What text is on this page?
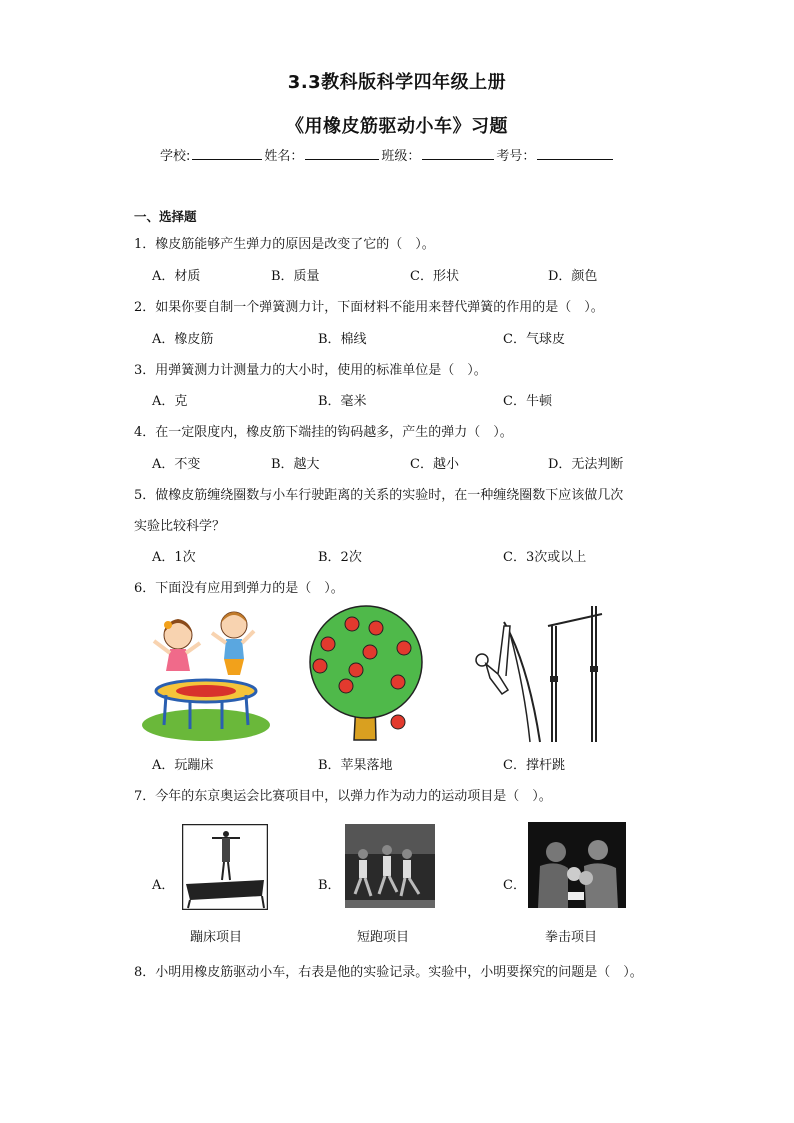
3.3教科版科学四年级上册
《用橡皮筋驱动小车》习题
学校:	姓名：	班级：	考号：
一、选择题
1．橡皮筋能够产生弹力的原因是改变了它的（　）。
A．材质	B．质量	C．形状	D．颜色
2．如果你要自制一个弹簧测力计，下面材料不能用来替代弹簧的作用的是（　）。
A．橡皮筋	B．棉线	C．气球皮
3．用弹簧测力计测量力的大小时，使用的标准单位是（　）。
A．克	B．毫米	C．牛顿
4．在一定限度内，橡皮筋下端挂的钩码越多，产生的弹力（　）。
A．不变	B．越大	C．越小	D．无法判断
5．做橡皮筋缠绕圈数与小车行驶距离的关系的实验时，在一种缠绕圈数下应该做几次
实验比较科学？
A．1次	B．2次	C．3次或以上
6．下面没有应用到弹力的是（　）。
A．玩蹦床	B．苹果落地	C．撑杆跳
7．今年的东京奥运会比赛项目中，以弹力作为动力的运动项目是（　）。
A．	B．	C．
蹦床项目	短跑项目	拳击项目
8．小明用橡皮筋驱动小车，右表是他的实验记录。实验中，小明要探究的问题是（　）。
